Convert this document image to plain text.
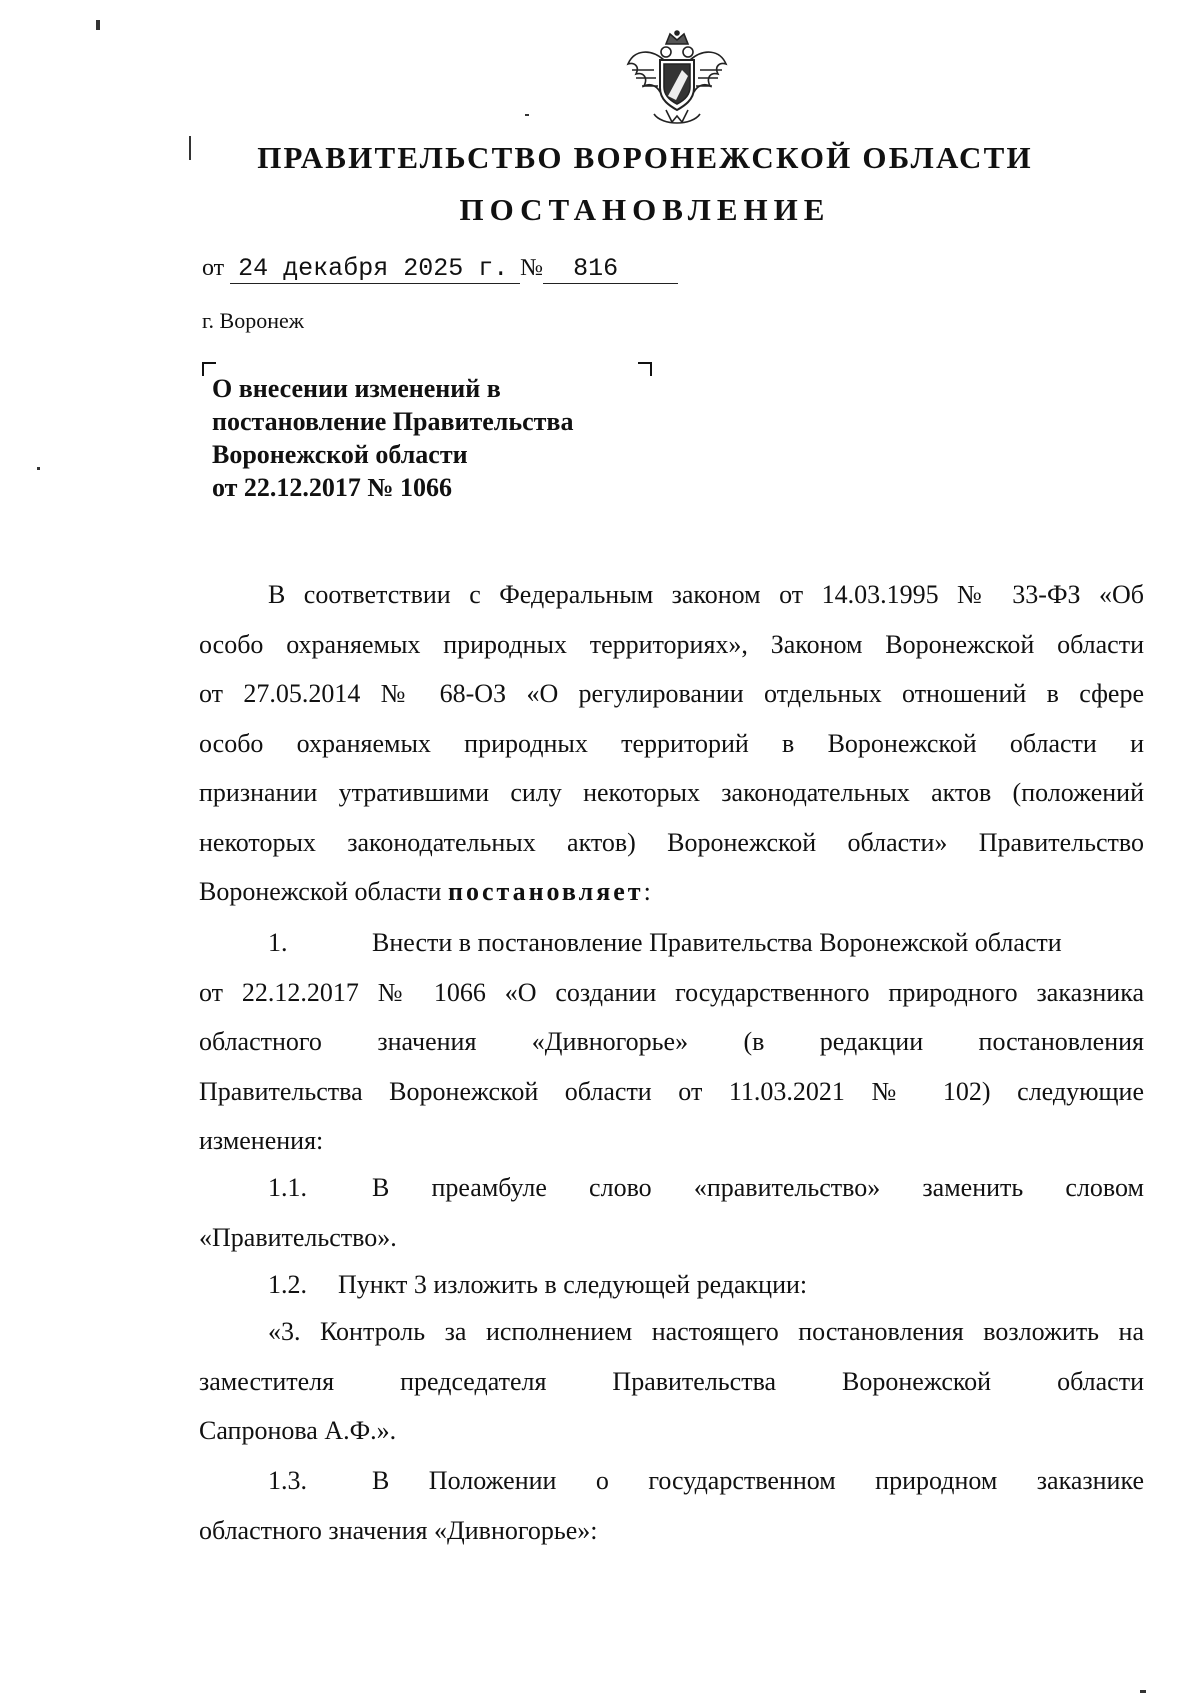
ПРАВИТЕЛЬСТВО ВОРОНЕЖСКОЙ ОБЛАСТИ
ПОСТАНОВЛЕНИЕ
от 24 декабря 2025 г. № 816
г. Воронеж
О внесении изменений в
постановление Правительства
Воронежской области
от 22.12.2017 № 1066
В соответствии с Федеральным законом от 14.03.1995 № 33-ФЗ «Об
особо охраняемых природных территориях», Законом Воронежской области
от 27.05.2014 № 68-ОЗ «О регулировании отдельных отношений в сфере
особо охраняемых природных территорий в Воронежской области и
признании утратившими силу некоторых законодательных актов (положений
некоторых законодательных актов) Воронежской области» Правительство
Воронежской области постановляет:
1.	Внести в постановление Правительства Воронежской области
от 22.12.2017 № 1066 «О создании государственного природного заказника
областного значения «Дивногорье» (в редакции постановления
Правительства Воронежской области от 11.03.2021 № 102) следующие
изменения:
1.1.	В преамбуле слово «правительство» заменить словом
«Правительство».
1.2. Пункт 3 изложить в следующей редакции:
«3. Контроль за исполнением настоящего постановления возложить на
заместителя председателя Правительства Воронежской области
Сапронова А.Ф.».
1.3.	В Положении о государственном природном заказнике
областного значения «Дивногорье»:
